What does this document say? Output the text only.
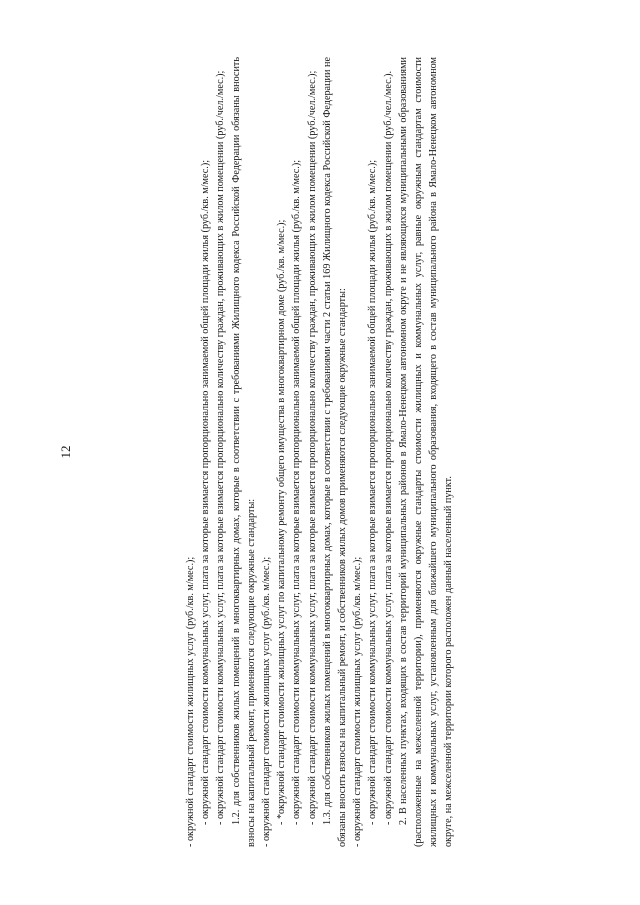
12

- окружной стандарт стоимости жилищных услуг (руб./кв. м/мес.); - окружной стандарт стоимости коммунальных услуг, плата за которые взимается пропорционально занимаемой общей площади жилья (руб./кв. м/мес.); - окружной стандарт стоимости коммунальных услуг, плата за которые взимается пропорционально количеству граждан, проживающих в жилом помещении (руб./чел./мес.); 1.2. для собственников жилых помещений в многоквартирных домах, которые в соответствии с требованиями Жилищного кодекса Российской Федерации обязаны вносить взносы на капитальный ремонт, применяются следующие окружные стандарты: - окружной стандарт стоимости жилищных услуг (руб./кв. м/мес.); - *окружной стандарт стоимости жилищных услуг по капитальному ремонту общего имущества в многоквартирном доме (руб./кв. м/мес.); - окружной стандарт стоимости коммунальных услуг, плата за которые взимается пропорционально занимаемой общей площади жилья (руб./кв. м/мес.); - окружной стандарт стоимости коммунальных услуг, плата за которые взимается пропорционально количеству граждан, проживающих в жилом помещении (руб./чел./мес.); 1.3. для собственников жилых помещений в многоквартирных домах, которые в соответствии с требованиями части 2 статьи 169 Жилищного кодекса Российской Федерации не обязаны вносить взносы на капитальный ремонт, и собственников жилых домов применяются следующие окружные стандарты: - окружной стандарт стоимости жилищных услуг (руб./кв. м/мес.); - окружной стандарт стоимости коммунальных услуг, плата за которые взимается пропорционально занимаемой общей площади жилья (руб./кв. м/мес.); - окружной стандарт стоимости коммунальных услуг, плата за которые взимается пропорционально количеству граждан, проживающих в жилом помещении (руб./чел./мес.). 2. В населенных пунктах, входящих в состав территорий муниципальных районов в Ямало-Ненецком автономном округе и не являющихся муниципальными образованиями (расположенные на межселенной территории), применяются окружные стандарты стоимости жилищных и коммунальных услуг, равные окружным стандартам стоимости жилищных и коммунальных услуг, установленным для ближайшего муниципального образования, входящего в состав муниципального района в Ямало-Ненецком автономном округе, на межселенной территории которого расположен данный населенный пункт.
